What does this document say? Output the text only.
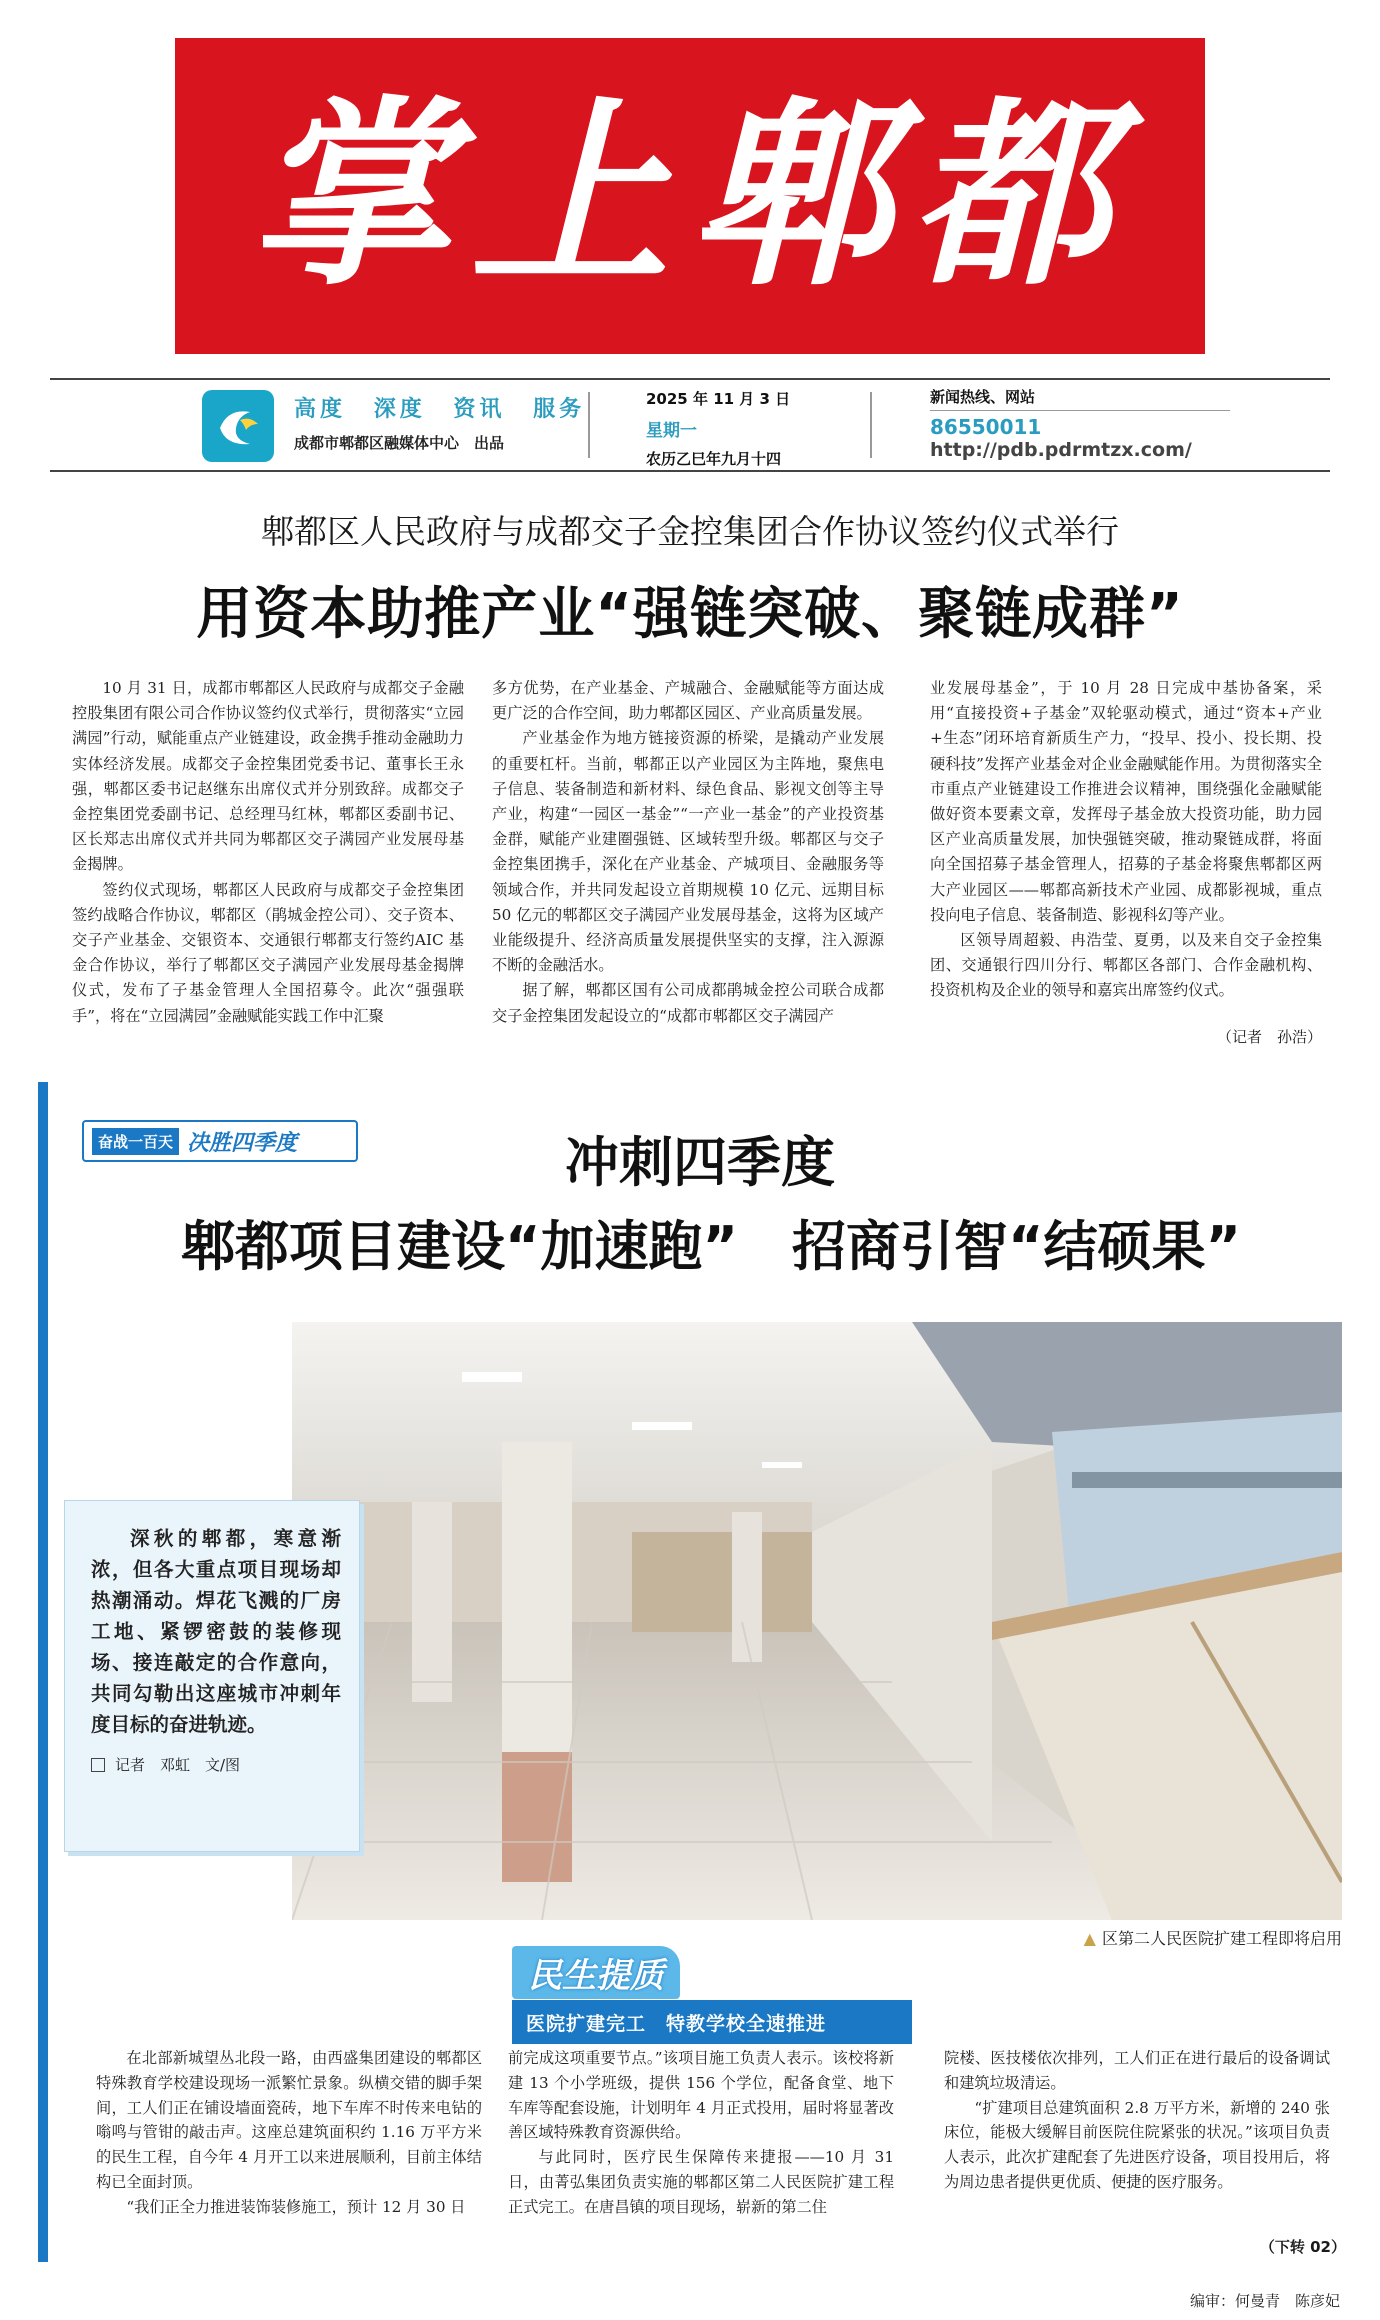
掌上郫都
高度 深度 资讯 服务
成都市郫都区融媒体中心　出品
2025 年 11 月 3 日
星期一
农历乙巳年九月十四
新闻热线、网站
86550011
http://pdb.pdrmtzx.com/
郫都区人民政府与成都交子金控集团合作协议签约仪式举行
用资本助推产业“强链突破、聚链成群”

10 月 31 日，成都市郫都区人民政府与成都交子金融控股集团有限公司合作协议签约仪式举行，贯彻落实“立园满园”行动，赋能重点产业链建设，政金携手推动金融助力实体经济发展。成都交子金控集团党委书记、董事长王永强，郫都区委书记赵继东出席仪式并分别致辞。成都交子金控集团党委副书记、总经理马红林，郫都区委副书记、区长郑志出席仪式并共同为郫都区交子满园产业发展母基金揭牌。

签约仪式现场，郫都区人民政府与成都交子金控集团签约战略合作协议，郫都区（鹃城金控公司）、交子资本、交子产业基金、交银资本、交通银行郫都支行签约AIC 基金合作协议，举行了郫都区交子满园产业发展母基金揭牌仪式，发布了子基金管理人全国招募令。此次“强强联手”，将在“立园满园”金融赋能实践工作中汇聚

多方优势，在产业基金、产城融合、金融赋能等方面达成更广泛的合作空间，助力郫都区园区、产业高质量发展。

产业基金作为地方链接资源的桥梁，是撬动产业发展的重要杠杆。当前，郫都正以产业园区为主阵地，聚焦电子信息、装备制造和新材料、绿色食品、影视文创等主导产业，构建“一园区一基金”“一产业一基金”的产业投资基金群，赋能产业建圈强链、区域转型升级。郫都区与交子金控集团携手，深化在产业基金、产城项目、金融服务等领域合作，并共同发起设立首期规模 10 亿元、远期目标 50 亿元的郫都区交子满园产业发展母基金，这将为区域产业能级提升、经济高质量发展提供坚实的支撑，注入源源不断的金融活水。

据了解，郫都区国有公司成都鹃城金控公司联合成都交子金控集团发起设立的“成都市郫都区交子满园产

业发展母基金”，于 10 月 28 日完成中基协备案，采用“直接投资+子基金”双轮驱动模式，通过“资本+产业+生态”闭环培育新质生产力，“投早、投小、投长期、投硬科技”发挥产业基金对企业金融赋能作用。为贯彻落实全市重点产业链建设工作推进会议精神，围绕强化金融赋能做好资本要素文章，发挥母子基金放大投资功能，助力园区产业高质量发展，加快强链突破，推动聚链成群，将面向全国招募子基金管理人，招募的子基金将聚焦郫都区两大产业园区——郫都高新技术产业园、成都影视城，重点投向电子信息、装备制造、影视科幻等产业。

区领导周超毅、冉浩莹、夏勇，以及来自交子金控集团、交通银行四川分行、郫都区各部门、合作金融机构、投资机构及企业的领导和嘉宾出席签约仪式。

（记者　孙浩）
奋战一百天 决胜四季度	冲刺四季度
郫都项目建设“加速跑”　招商引智“结硕果”

深秋的郫都，寒意渐浓，但各大重点项目现场却热潮涌动。焊花飞溅的厂房工地、紧锣密鼓的装修现场、接连敲定的合作意向，共同勾勒出这座城市冲刺年度目标的奋进轨迹。

记者　邓虹　文/图
▲ 区第二人民医院扩建工程即将启用
民生提质
医院扩建完工　特教学校全速推进

在北部新城望丛北段一路，由西盛集团建设的郫都区特殊教育学校建设现场一派繁忙景象。纵横交错的脚手架间，工人们正在铺设墙面瓷砖，地下车库不时传来电钻的嗡鸣与管钳的敲击声。这座总建筑面积约 1.16 万平方米的民生工程，自今年 4 月开工以来进展顺利，目前主体结构已全面封顶。

“我们正全力推进装饰装修施工，预计 12 月 30 日

前完成这项重要节点。”该项目施工负责人表示。该校将新建 13 个小学班级，提供 156 个学位，配备食堂、地下车库等配套设施，计划明年 4 月正式投用，届时将显著改善区域特殊教育资源供给。

与此同时，医疗民生保障传来捷报——10 月 31 日，由菁弘集团负责实施的郫都区第二人民医院扩建工程正式完工。在唐昌镇的项目现场，崭新的第二住

院楼、医技楼依次排列，工人们正在进行最后的设备调试和建筑垃圾清运。

“扩建项目总建筑面积 2.8 万平方米，新增的 240 张床位，能极大缓解目前医院住院紧张的状况。”该项目负责人表示，此次扩建配套了先进医疗设备，项目投用后，将为周边患者提供更优质、便捷的医疗服务。

（下转 02）
编审：何曼青　陈彦妃
